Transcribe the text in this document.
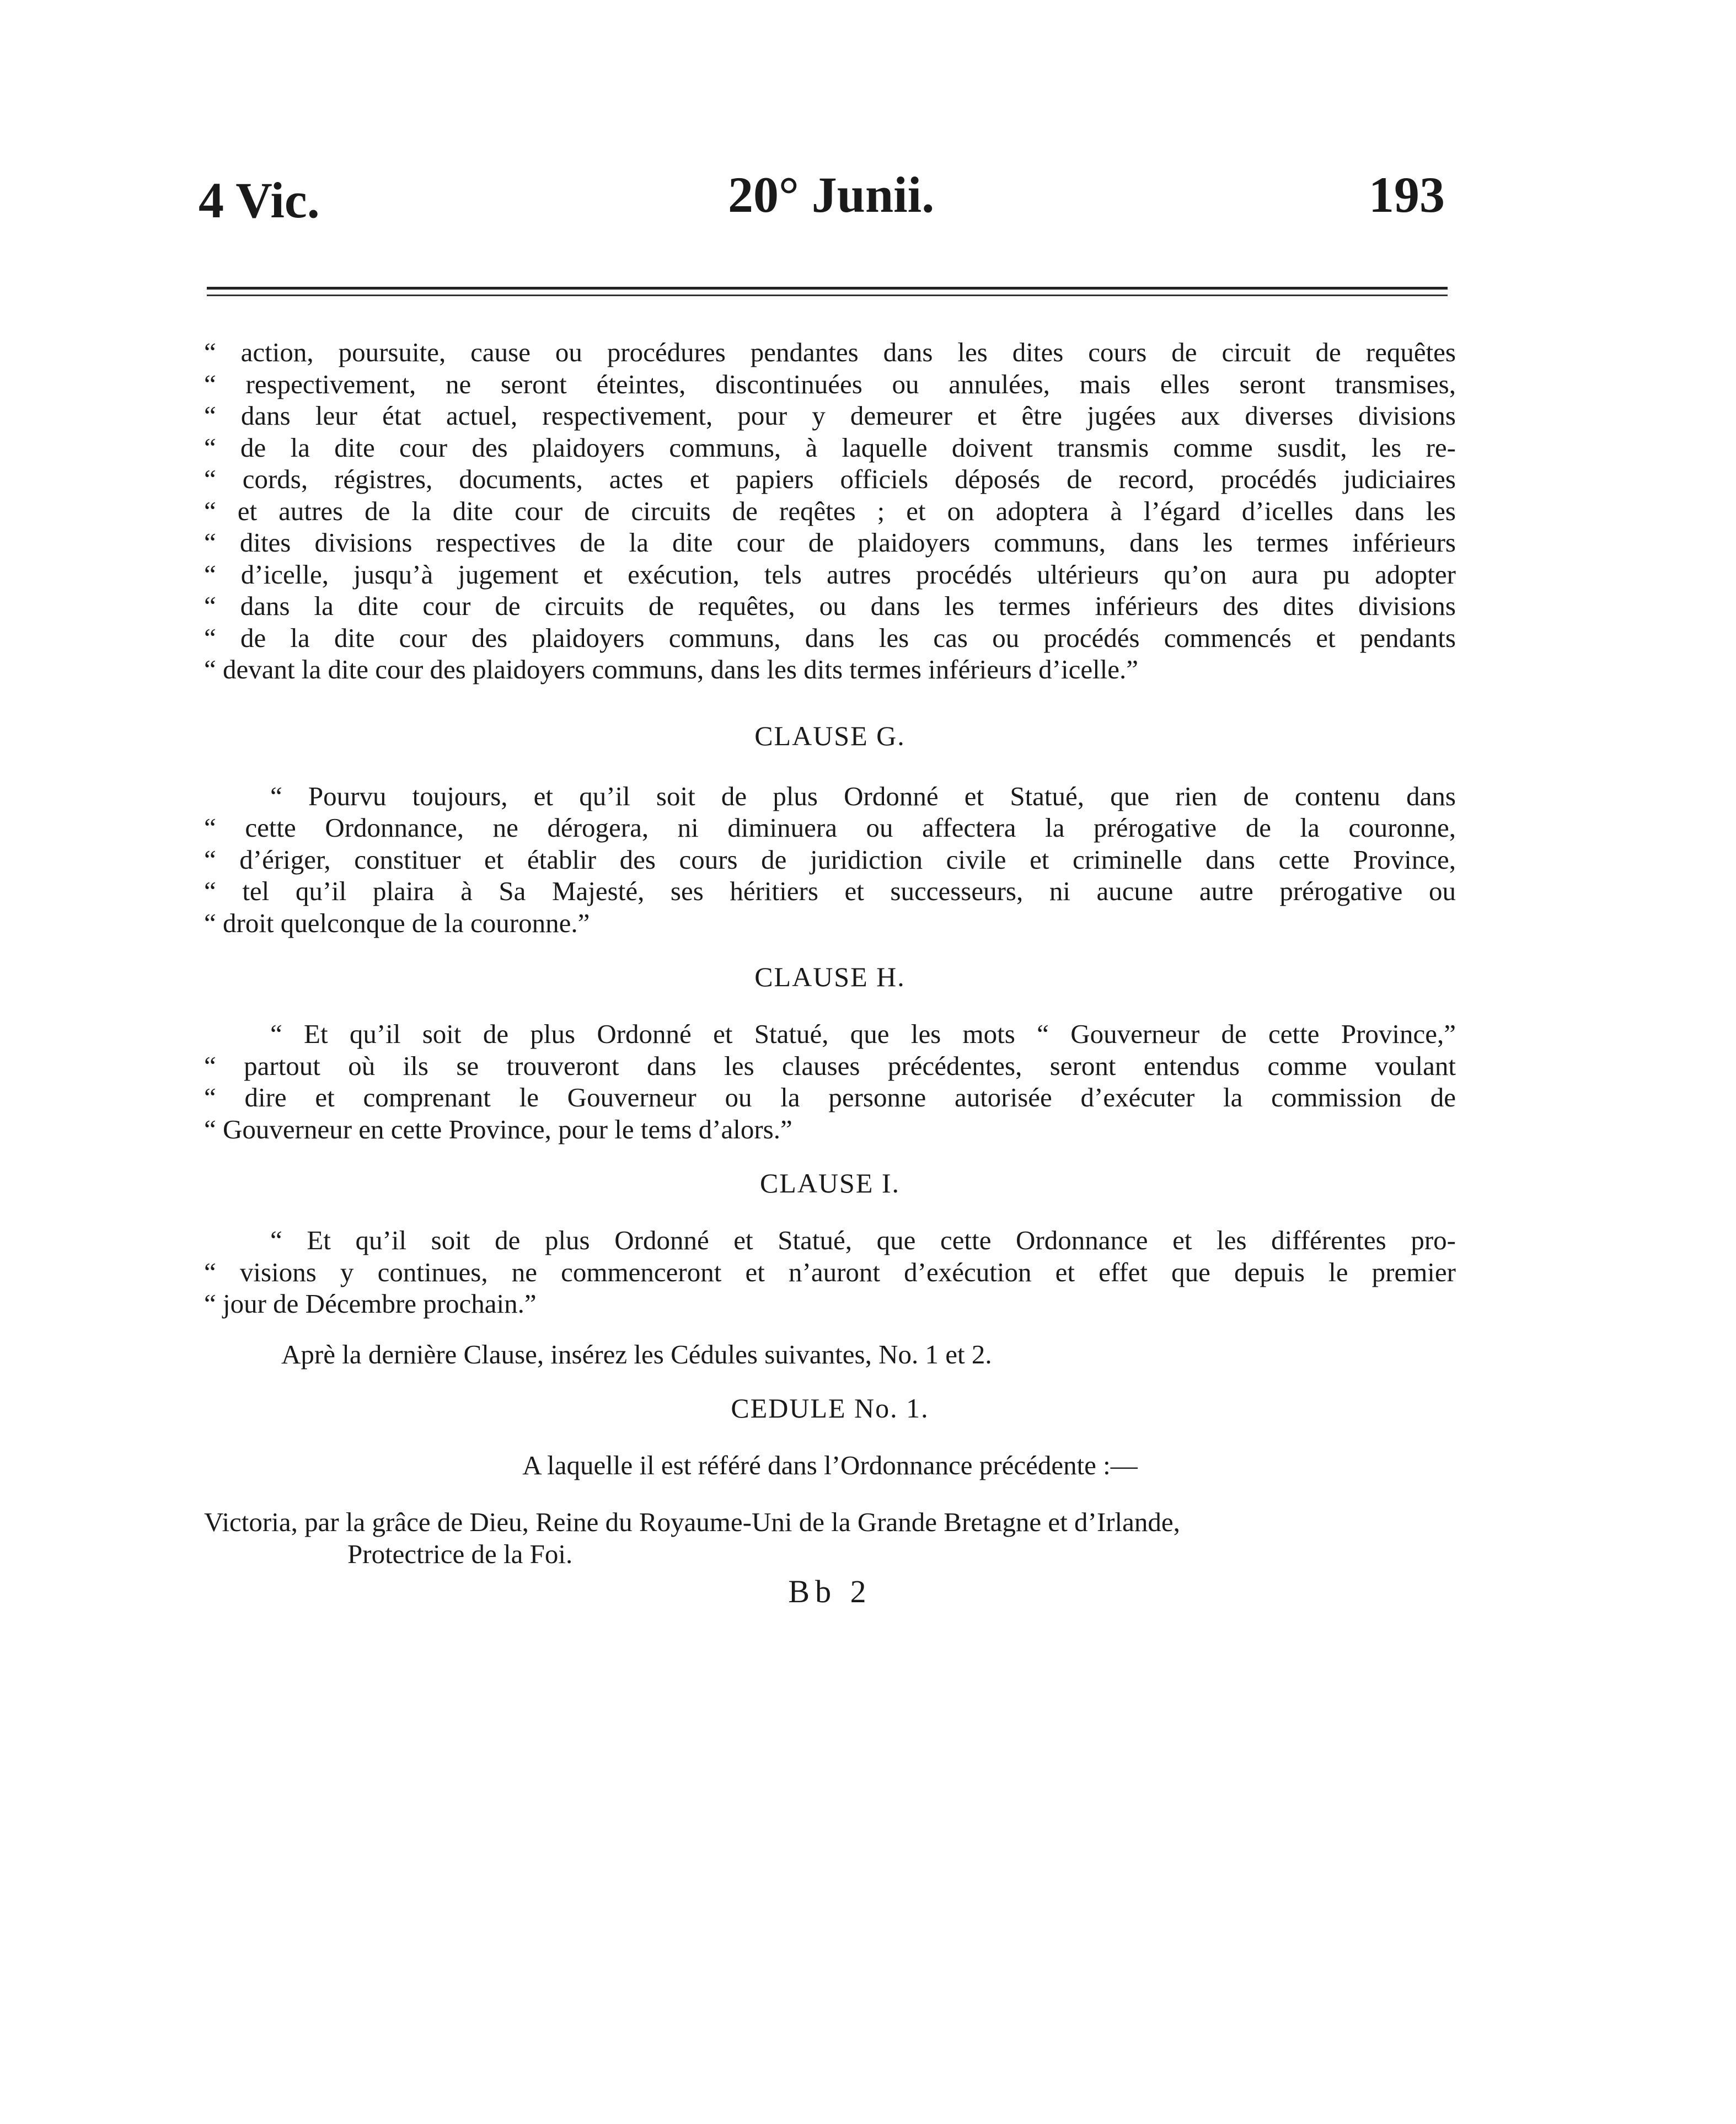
4 Vic.	20° Junii.	193
“ action, poursuite, cause ou procédures pendantes dans les dites cours de circuit de requêtes
“ respectivement, ne seront éteintes, discontinuées ou annulées, mais elles seront transmises,
“ dans leur état actuel, respectivement, pour y demeurer et être jugées aux diverses divisions
“ de la dite cour des plaidoyers communs, à laquelle doivent transmis comme susdit, les re-
“ cords, régistres, documents, actes et papiers officiels déposés de record, procédés judiciaires
“ et autres de la dite cour de circuits de reqêtes ; et on adoptera à l’égard d’icelles dans les
“ dites divisions respectives de la dite cour de plaidoyers communs, dans les termes inférieurs
“ d’icelle, jusqu’à jugement et exécution, tels autres procédés ultérieurs qu’on aura pu adopter
“ dans la dite cour de circuits de requêtes, ou dans les termes inférieurs des dites divisions
“ de la dite cour des plaidoyers communs, dans les cas ou procédés commencés et pendants
“ devant la dite cour des plaidoyers communs, dans les dits termes inférieurs d’icelle.”
CLAUSE G.
“ Pourvu toujours, et qu’il soit de plus Ordonné et Statué, que rien de contenu dans
“ cette Ordonnance, ne dérogera, ni diminuera ou affectera la prérogative de la couronne,
“ d’ériger, constituer et établir des cours de juridiction civile et criminelle dans cette Province,
“ tel qu’il plaira à Sa Majesté, ses héritiers et successeurs, ni aucune autre prérogative ou
“ droit quelconque de la couronne.”
CLAUSE H.
“ Et qu’il soit de plus Ordonné et Statué, que les mots “ Gouverneur de cette Province,”
“ partout où ils se trouveront dans les clauses précédentes, seront entendus comme voulant
“ dire et comprenant le Gouverneur ou la personne autorisée d’exécuter la commission de
“ Gouverneur en cette Province, pour le tems d’alors.”
CLAUSE I.
“ Et qu’il soit de plus Ordonné et Statué, que cette Ordonnance et les différentes pro-
“ visions y continues, ne commenceront et n’auront d’exécution et effet que depuis le premier
“ jour de Décembre prochain.”

Aprè la dernière Clause, insérez les Cédules suivantes, No. 1 et 2.

CEDULE No. 1.
A laquelle il est référé dans l’Ordonnance précédente :—

Victoria, par la grâce de Dieu, Reine du Royaume-Uni de la Grande Bretagne et d’Irlande,

Protectrice de la Foi.

Bb 2
